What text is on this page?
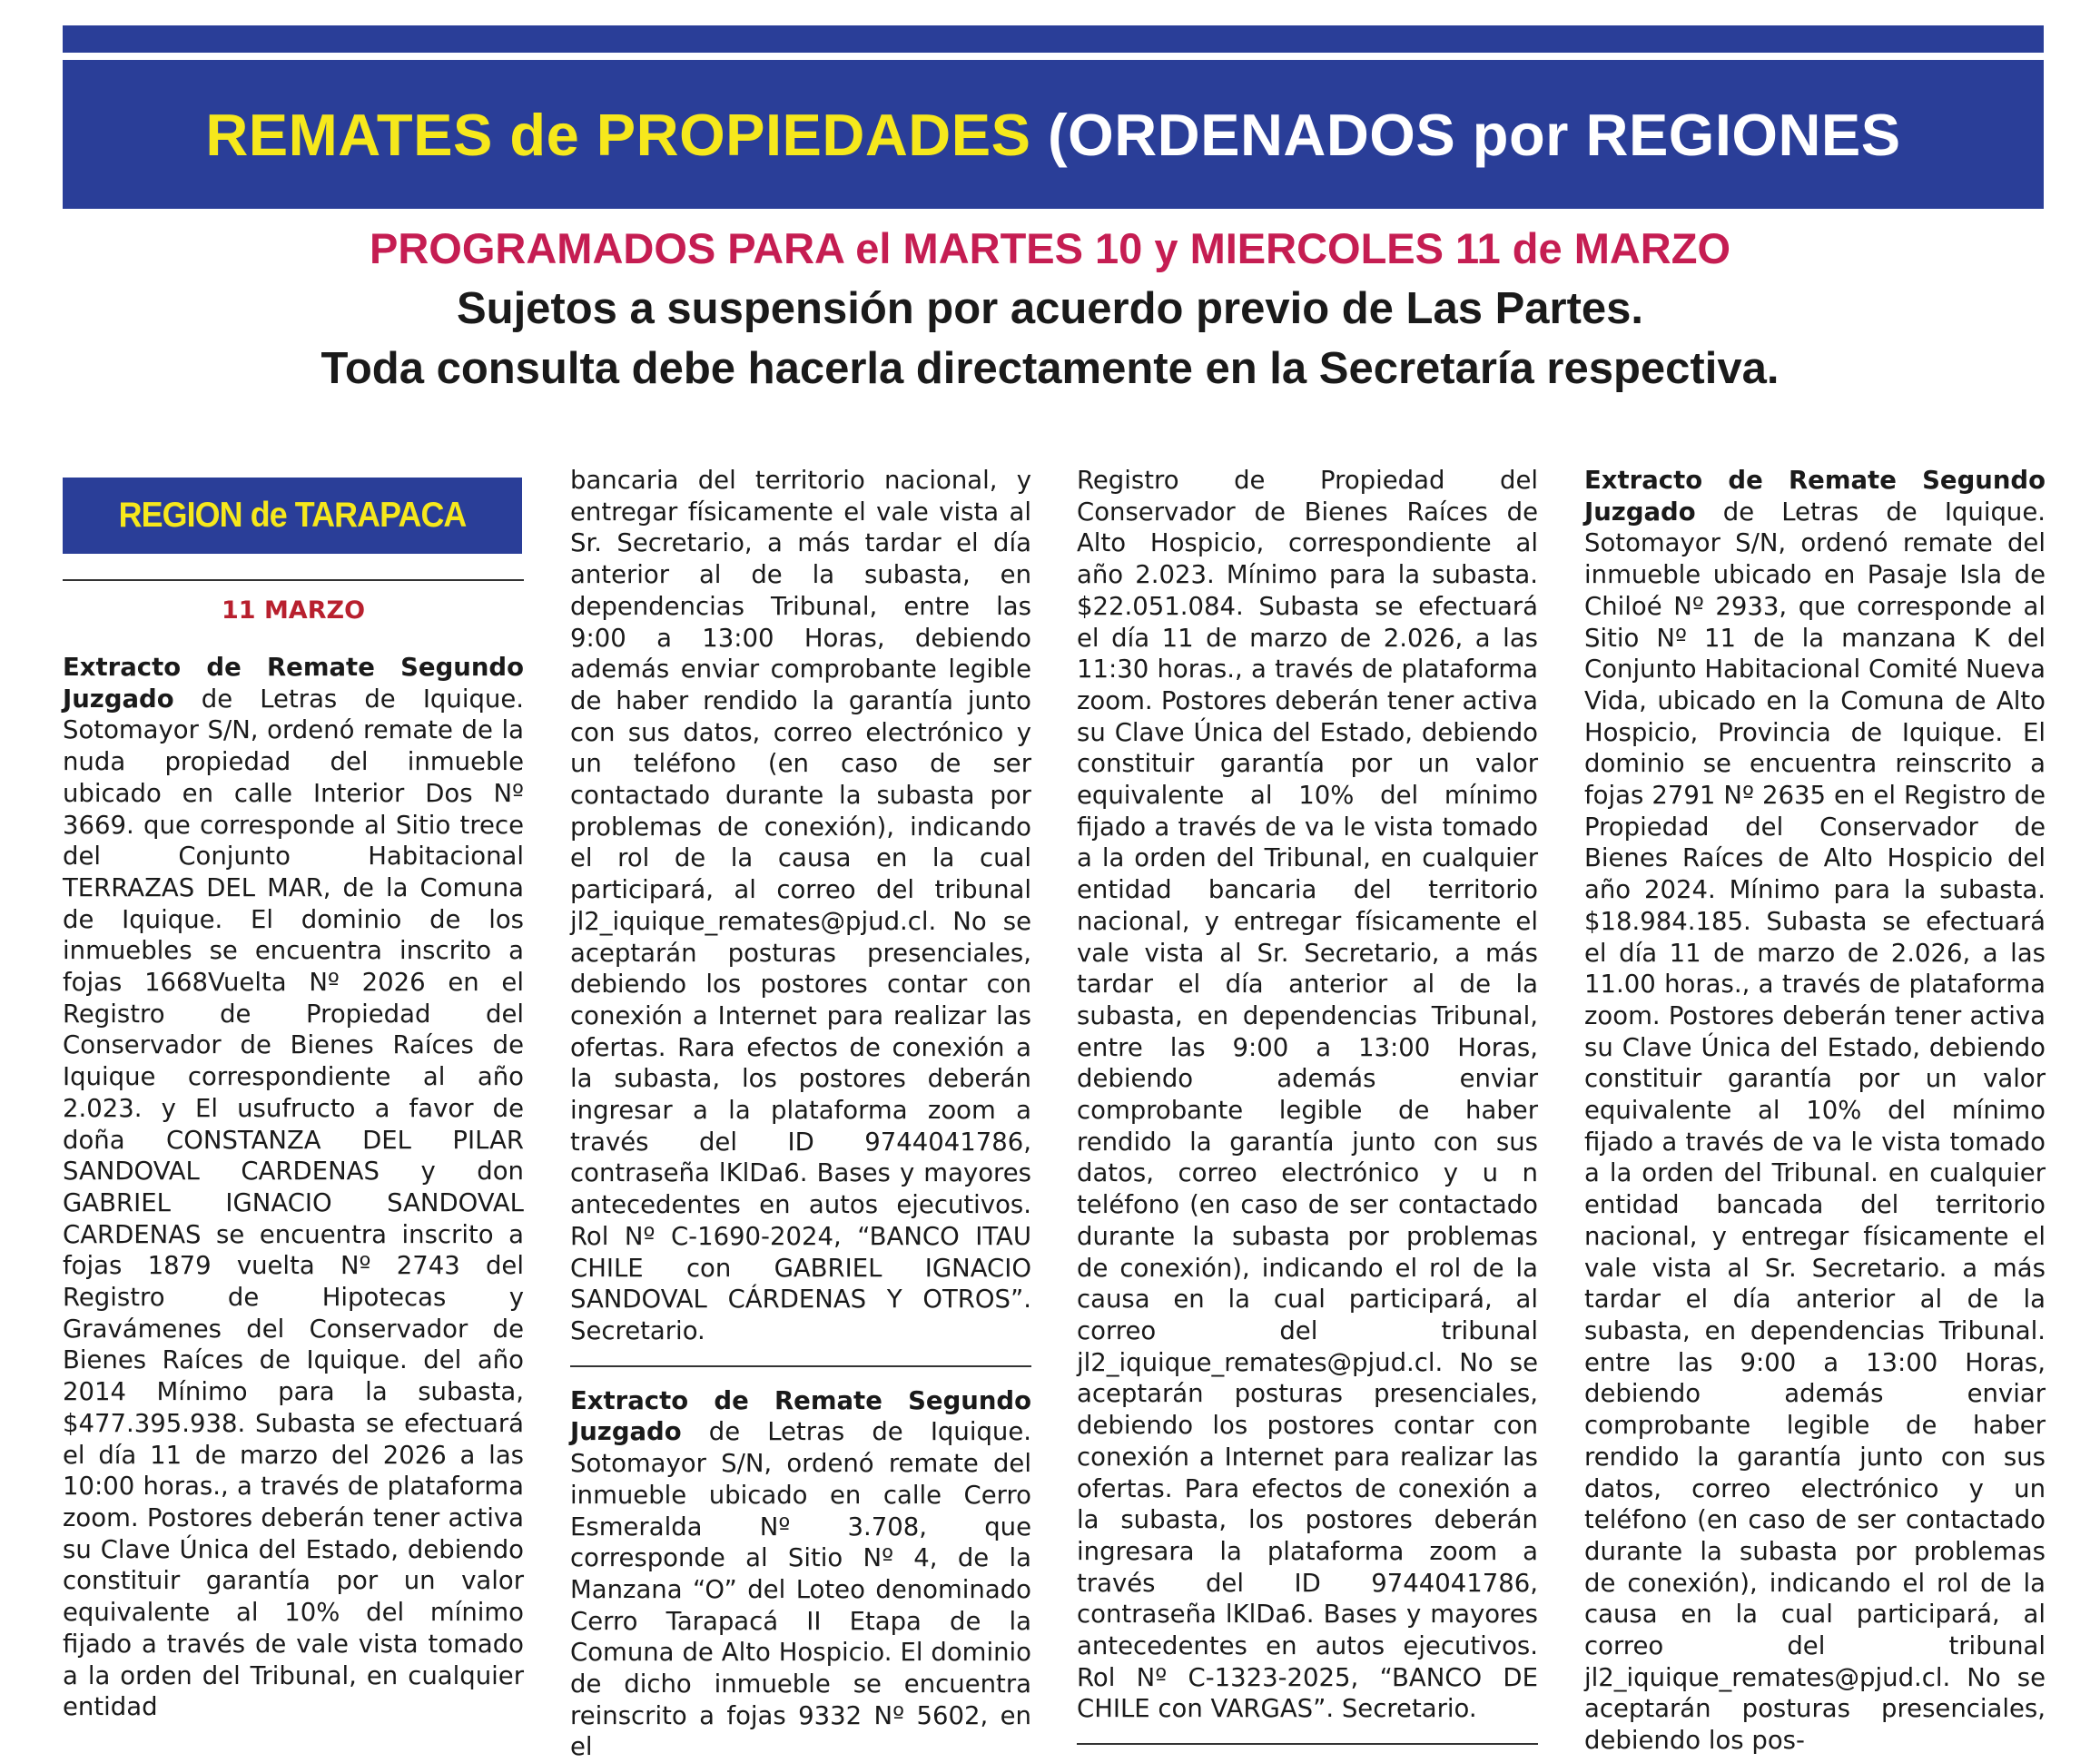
REMATES de PROPIEDADES (ORDENADOS por REGIONES
PROGRAMADOS PARA el MARTES 10 y MIERCOLES 11 de MARZO
Sujetos a suspensión por acuerdo previo de Las Partes.
Toda consulta debe hacerla directamente en la Secretaría respectiva.
REGION de TARAPACA
11 MARZO

Extracto de Remate Segundo Juzgado de Letras de Iquique. Sotomayor S/N, ordenó remate de la nuda propiedad del inmueble ubicado en calle Interior Dos Nº 3669. que corresponde al Sitio trece del Conjunto Habitacional TERRAZAS DEL MAR, de la Comuna de Iquique. El dominio de los inmuebles se encuentra inscrito a fojas 1668Vuelta Nº 2026 en el Registro de Propiedad del Conservador de Bienes Raíces de Iquique correspondiente al año 2.023. y El usufructo a favor de doña CONSTANZA DEL PILAR SANDOVAL CARDENAS y don GABRIEL IGNACIO SANDOVAL CARDENAS se encuentra inscrito a fojas 1879 vuelta Nº 2743 del Registro de Hipotecas y Gravámenes del Conservador de Bienes Raíces de Iquique. del año 2014 Mínimo para la subasta, $477.395.938. Subasta se efectuará el día 11 de marzo del 2026 a las 10:00 horas., a través de plataforma zoom. Postores deberán tener activa su Clave Única del Estado, debiendo constituir garantía por un valor equivalente al 10% del mínimo fijado a través de vale vista tomado a la orden del Tribunal, en cualquier entidad

bancaria del territorio nacional, y entregar físicamente el vale vista al Sr. Secretario, a más tardar el día anterior al de la subasta, en dependencias Tribunal, entre las 9:00 a 13:00 Horas, debiendo además enviar comprobante legible de haber rendido la garantía junto con sus datos, correo electrónico y un teléfono (en caso de ser contactado durante la subasta por problemas de conexión), indicando el rol de la causa en la cual participará, al correo del tribunal jl2_iquique_remates@pjud.cl. No se aceptarán posturas presenciales, debiendo los postores contar con conexión a Internet para realizar las ofertas. Rara efectos de conexión a la subasta, los postores deberán ingresar a la plataforma zoom a través del ID 9744041786, contraseña lKlDa6. Bases y mayores antecedentes en autos ejecutivos. Rol Nº C-1690-2024, “BANCO ITAU CHILE con GABRIEL IGNACIO SANDOVAL CÁRDENAS Y OTROS”. Secretario.

Extracto de Remate Segundo Juzgado de Letras de Iquique. Sotomayor S/N, ordenó remate del inmueble ubicado en calle Cerro Esmeralda Nº 3.708, que corresponde al Sitio Nº 4, de la Manzana “O” del Loteo denominado Cerro Tarapacá II Etapa de la Comuna de Alto Hospicio. El dominio de dicho inmueble se encuentra reinscrito a fojas 9332 Nº 5602, en el

Registro de Propiedad del Conservador de Bienes Raíces de Alto Hospicio, correspondiente al año 2.023. Mínimo para la subasta. $22.051.084. Subasta se efectuará el día 11 de marzo de 2.026, a las 11:30 horas., a través de plataforma zoom. Postores deberán tener activa su Clave Única del Estado, debiendo constituir garantía por un valor equivalente al 10% del mínimo fijado a través de va le vista tomado a la orden del Tribunal, en cualquier entidad bancaria del territorio nacional, y entregar físicamente el vale vista al Sr. Secretario, a más tardar el día anterior al de la subasta, en dependencias Tribunal, entre las 9:00 a 13:00 Horas, debiendo además enviar comprobante legible de haber rendido la garantía junto con sus datos, correo electrónico y u n teléfono (en caso de ser contactado durante la subasta por problemas de conexión), indicando el rol de la causa en la cual participará, al correo del tribunal jl2_iquique_remates@pjud.cl. No se aceptarán posturas presenciales, debiendo los postores contar con conexión a Internet para realizar las ofertas. Para efectos de conexión a la subasta, los postores deberán ingresara la plataforma zoom a través del ID 9744041786, contraseña lKlDa6. Bases y mayores antecedentes en autos ejecutivos. Rol Nº C-1323-2025, “BANCO DE CHILE con VARGAS”. Secretario.

Extracto de Remate Segundo Juzgado de Letras de Iquique. Sotomayor S/N, ordenó remate del inmueble ubicado en Pasaje Isla de Chiloé Nº 2933, que corresponde al Sitio Nº 11 de la manzana K del Conjunto Habitacional Comité Nueva Vida, ubicado en la Comuna de Alto Hospicio, Provincia de Iquique. El dominio se encuentra reinscrito a fojas 2791 Nº 2635 en el Registro de Propiedad del Conservador de Bienes Raíces de Alto Hospicio del año 2024. Mínimo para la subasta. $18.984.185. Subasta se efectuará el día 11 de marzo de 2.026, a las 11.00 horas., a través de plataforma zoom. Postores deberán tener activa su Clave Única del Estado, debiendo constituir garantía por un valor equivalente al 10% del mínimo fijado a través de va le vista tomado a la orden del Tribunal. en cualquier entidad bancada del territorio nacional, y entregar físicamente el vale vista al Sr. Secretario. a más tardar el día anterior al de la subasta, en dependencias Tribunal. entre las 9:00 a 13:00 Horas, debiendo además enviar comprobante legible de haber rendido la garantía junto con sus datos, correo electrónico y un teléfono (en caso de ser contactado durante la subasta por problemas de conexión), indicando el rol de la causa en la cual participará, al correo del tribunal jl2_iquique_remates@pjud.cl. No se aceptarán posturas presenciales, debiendo los pos-
